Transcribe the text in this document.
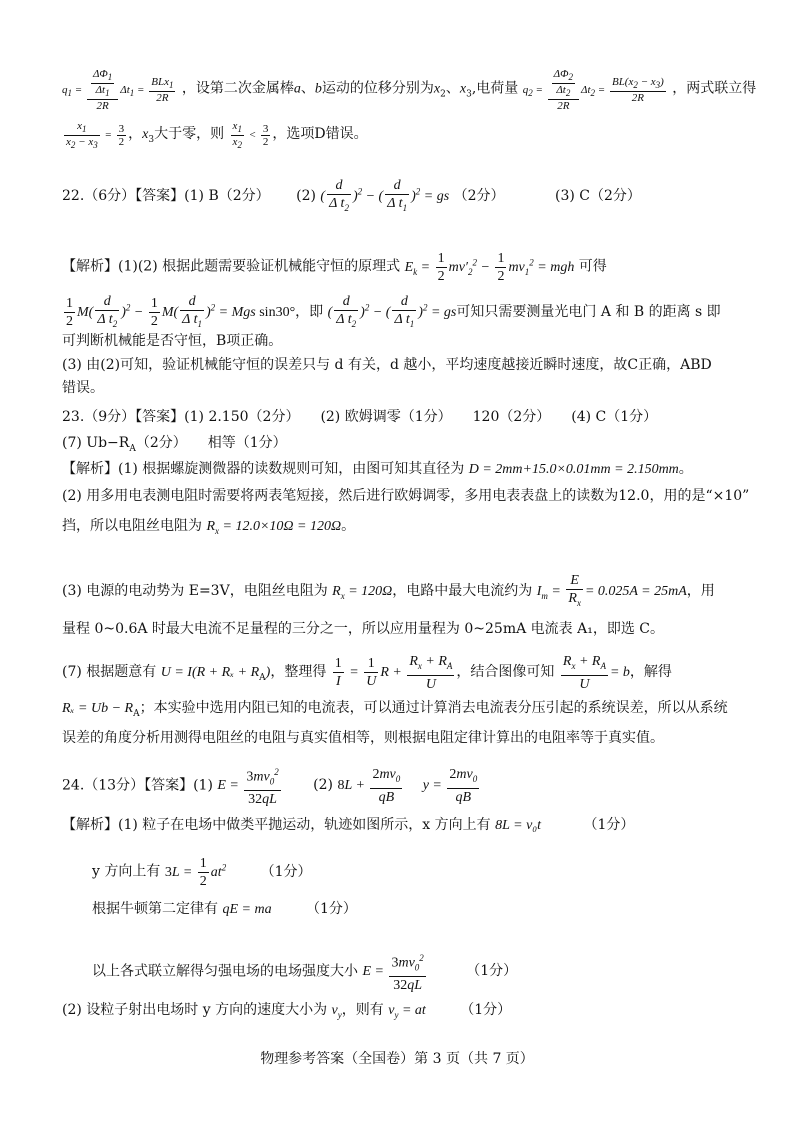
$q_1 = \frac{\frac{\Delta\Phi_1}{\Delta t_1}}{2R} \Delta t_1 = \frac{BLx_1}{2R}$ ，设第二次金属棒a、b运动的位移分别为$x_2$、$x_3$,电荷量 $q_2 = \frac{\frac{\Delta\Phi_2}{\Delta t_2}}{2R} \Delta t_2 = \frac{BL(x_2 - x_3)}{2R}$ ，两式联立得
$\frac{x_1}{x_2 - x_3} = \frac{3}{2}$ ，$x_3$大于零，则 $\frac{x_1}{x_2} < \frac{3}{2}$ ，选项D错误。
22.（6分）【答案】(1) B（2分） (2) ( $\frac{d}{\Delta t_2} )^2$ − ( $\frac{d}{\Delta t_1} )^2$ = gs （2分）	(3) C（2分）
【解析】(1)(2) 根据此题需要验证机械能守恒的原理式 $E_k = \frac{1}{2} mv'_2^2 - \frac{1}{2} mv_1^2$ = mgh 可得
$\frac{1}{2} M( \frac{d}{\Delta t_2} )^2 - \frac{1}{2} M( \frac{d}{\Delta t_1} )^2$ = Mgs sin30°，即 ( $\frac{d}{\Delta t_2} )^2$ − ( $\frac{d}{\Delta t_1} )^2$ = gs可知只需要测量光电门 A 和 B 的距离 s 即
可判断机械能是否守恒，B项正确。
(3) 由(2)可知，验证机械能守恒的误差只与 d 有关，d 越小，平均速度越接近瞬时速度，故C正确，ABD
错误。
23.（9分）【答案】(1) 2.150（2分）　　(2) 欧姆调零（1分）　　120（2分）　　(4) C（1分）
(7) $Ub-R_A(2$分）　　相等（1分）
【解析】(1) 根据螺旋测微器的读数规则可知，由图可知其直径为 D = 2mm+15.0×0.01mm = 2.150mm。
(2) 用多用电表测电阻时需要将两表笔短接，然后进行欧姆调零，多用电表表盘上的读数为12.0，用的是“×10”
挡，所以电阻丝电阻为 $R_x = 12.0\times 10\Omega = 120\Omega$。
(3) 电源的电动势为 E=3V，电阻丝电阻为 $R_x = 120\Omega$，电路中最大电流约为 $I_m = \frac{E}{R_x} = 0.025A = 25mA$，用
量程 0~0.6A 时最大电流不足量程的三分之一，所以应用量程为 0~25mA 电流表 A₁，即选 C。
(7) 根据题意有 $U = I(R + R_x + R_A)$，整理得 $\frac{1}{I} = \frac{1}{U}$ $R + \frac{R_x + R_A}{U}$ ，结合图像可知 $\frac{R_x + R_A}{U} = b$，解得
$R_x = Ub - R_A$；本实验中选用内阻已知的电流表，可以通过计算消去电流表分压引起的系统误差，所以从系统
误差的角度分析用测得电阻丝的电阻与真实值相等，则根据电阻定律计算出的电阻率等于真实值。
24.（13分）【答案】(1) $E = \frac{3mv_0^2}{32qL} (2) 8L + \frac{2mv_0}{qB}$ $y = \frac{2mv_0}{qB}$
【解析】(1) 粒子在电场中做类平抛运动，轨迹如图所示，x 方向上有 8L = v₀t	（1分）
y 方向上有 $3L = \frac{1}{2} at^2$ （1分）
根据牛顿第二定律有 qE = ma （1分）
以上各式联立解得匀强电场的电场强度大小 $E = \frac{3mv_0^2}{32qL}$	（1分）
(2) 设粒子射出电场时 y 方向的速度大小为 $v_y$，则有 $v_y$ = at （1分）
物理参考答案（全国卷）第 3 页（共 7 页）
